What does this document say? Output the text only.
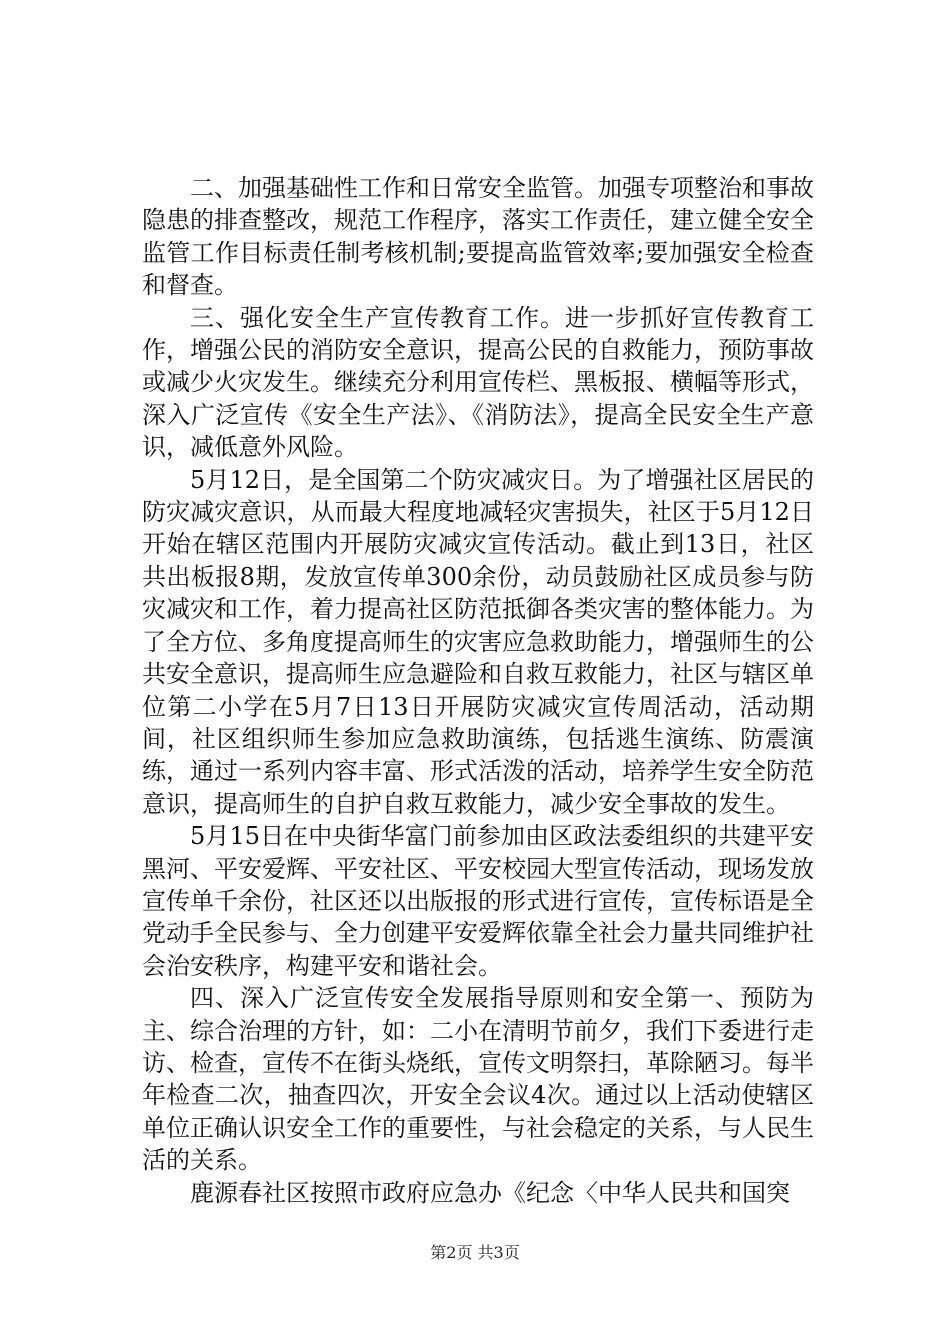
二、加强基础性工作和日常安全监管。加强专项整治和事故隐患的排查整改，规范工作程序，落实工作责任，建立健全安全监管工作目标责任制考核机制;要提高监管效率;要加强安全检查和督查。

三、强化安全生产宣传教育工作。进一步抓好宣传教育工作，增强公民的消防安全意识，提高公民的自救能力，预防事故或减少火灾发生。继续充分利用宣传栏、黑板报、横幅等形式，深入广泛宣传《安全生产法》、《消防法》，提高全民安全生产意识，减低意外风险。

5月12日，是全国第二个防灾减灾日。为了增强社区居民的防灾减灾意识，从而最大程度地减轻灾害损失，社区于5月12日开始在辖区范围内开展防灾减灾宣传活动。截止到13日，社区共出板报8期，发放宣传单300余份，动员鼓励社区成员参与防灾减灾和工作，着力提高社区防范抵御各类灾害的整体能力。为了全方位、多角度提高师生的灾害应急救助能力，增强师生的公共安全意识，提高师生应急避险和自救互救能力，社区与辖区单位第二小学在5月7日13日开展防灾减灾宣传周活动，活动期间，社区组织师生参加应急救助演练，包括逃生演练、防震演练，通过一系列内容丰富、形式活泼的活动，培养学生安全防范意识，提高师生的自护自救互救能力，减少安全事故的发生。

5月15日在中央街华富门前参加由区政法委组织的共建平安黑河、平安爱辉、平安社区、平安校园大型宣传活动，现场发放宣传单千余份，社区还以出版报的形式进行宣传，宣传标语是全党动手全民参与、全力创建平安爱辉依靠全社会力量共同维护社会治安秩序，构建平安和谐社会。

四、深入广泛宣传安全发展指导原则和安全第一、预防为主、综合治理的方针，如：二小在清明节前夕，我们下委进行走访、检查，宣传不在街头烧纸，宣传文明祭扫，革除陋习。每半年检查二次，抽查四次，开安全会议4次。通过以上活动使辖区单位正确认识安全工作的重要性，与社会稳定的关系，与人民生活的关系。

鹿源春社区按照市政府应急办《纪念〈中华人民共和国突

第2页 共3页
